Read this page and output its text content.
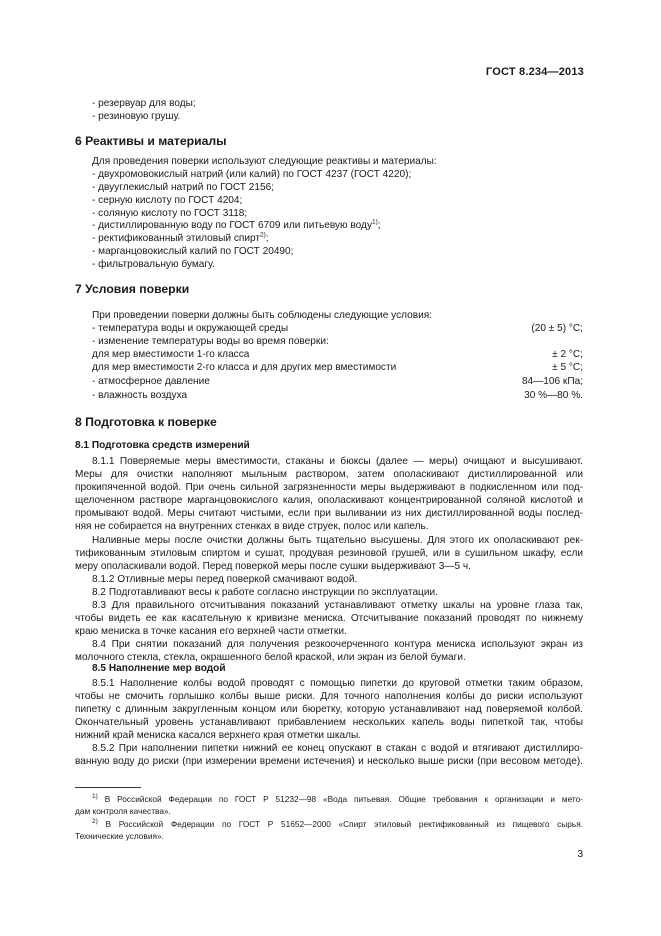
ГОСТ 8.234—2013
- резервуар для воды;
- резиновую грушу.
6 Реактивы и материалы
Для проведения поверки используют следующие реактивы и материалы:
- двухромовокислый натрий (или калий) по ГОСТ 4237 (ГОСТ 4220);
- двууглекислый натрий по ГОСТ 2156;
- серную кислоту по ГОСТ 4204;
- соляную кислоту по ГОСТ 3118;
- дистиллированную воду по ГОСТ 6709 или питьевую воду$^{1)}$;
- ректификованный этиловый спирт$^{2)}$;
- марганцовокислый калий по ГОСТ 20490;
- фильтровальную бумагу.
7 Условия поверки
При проведении поверки должны быть соблюдены следующие условия:
- температура воды и окружающей среды	(20 ± 5) °С;
- изменение температуры воды во время поверки:
для мер вместимости 1-го класса	± 2 °С;
для мер вместимости 2-го класса и для других мер вместимости	± 5 °С;
- атмосферное давление	84—106 кПа;
- влажность воздуха	30 %—80 %.
8 Подготовка к поверке
8.1 Подготовка средств измерений
8.1.1 Поверяемые меры вместимости, стаканы и бюксы (далее — меры) очищают и высушивают.
Меры для очистки наполняют мыльным раствором, затем ополаскивают дистиллированной или
прокипяченной водой. При очень сильной загрязненности меры выдерживают в подкисленном или под-
щелоченном растворе марганцовокислого калия, ополаскивают концентрированной соляной кислотой и
промывают водой. Меры считают чистыми, если при выливании из них дистиллированной воды послед-
няя не собирается на внутренних стенках в виде струек, полос или капель.
Наливные меры после очистки должны быть тщательно высушены. Для этого их ополаскивают рек-
тификованным этиловым спиртом и сушат, продувая резиновой грушей, или в сушильном шкафу, если
меру ополаскивали водой. Перед поверкой меры после сушки выдерживают 3—5 ч.
8.1.2 Отливные меры перед поверкой смачивают водой.
8.2 Подготавливают весы к работе согласно инструкции по эксплуатации.
8.3 Для правильного отсчитывания показаний устанавливают отметку шкалы на уровне глаза так,
чтобы видеть ее как касательную к кривизне мениска. Отсчитывание показаний проводят по нижнему
краю мениска в точке касания его верхней части отметки.
8.4 При снятии показаний для получения резкоочерченного контура мениска используют экран из
молочного стекла, стекла, окрашенного белой краской, или экран из белой бумаги.
8.5 Наполнение мер водой
8.5.1 Наполнение колбы водой проводят с помощью пипетки до круговой отметки таким образом,
чтобы не смочить горлышко колбы выше риски. Для точного наполнения колбы до риски используют
пипетку с длинным закругленным концом или бюретку, которую устанавливают над поверяемой колбой.
Окончательный уровень устанавливают прибавлением нескольких капель воды пипеткой так, чтобы
нижний край мениска касался верхнего края отметки шкалы.
8.5.2 При наполнении пипетки нижний ее конец опускают в стакан с водой и втягивают дистиллиро-
ванную воду до риски (при измерении времени истечения) и несколько выше риски (при весовом методе).
$^{1)}$ В Российской Федерации по ГОСТ Р 51232—98 «Вода питьевая. Общие требования к организации и мето-
дам контроля качества».
$^{2)}$ В Российской Федерации по ГОСТ Р 51652—2000 «Спирт этиловый ректификованный из пищевого сырья.
Технические условия».
3
